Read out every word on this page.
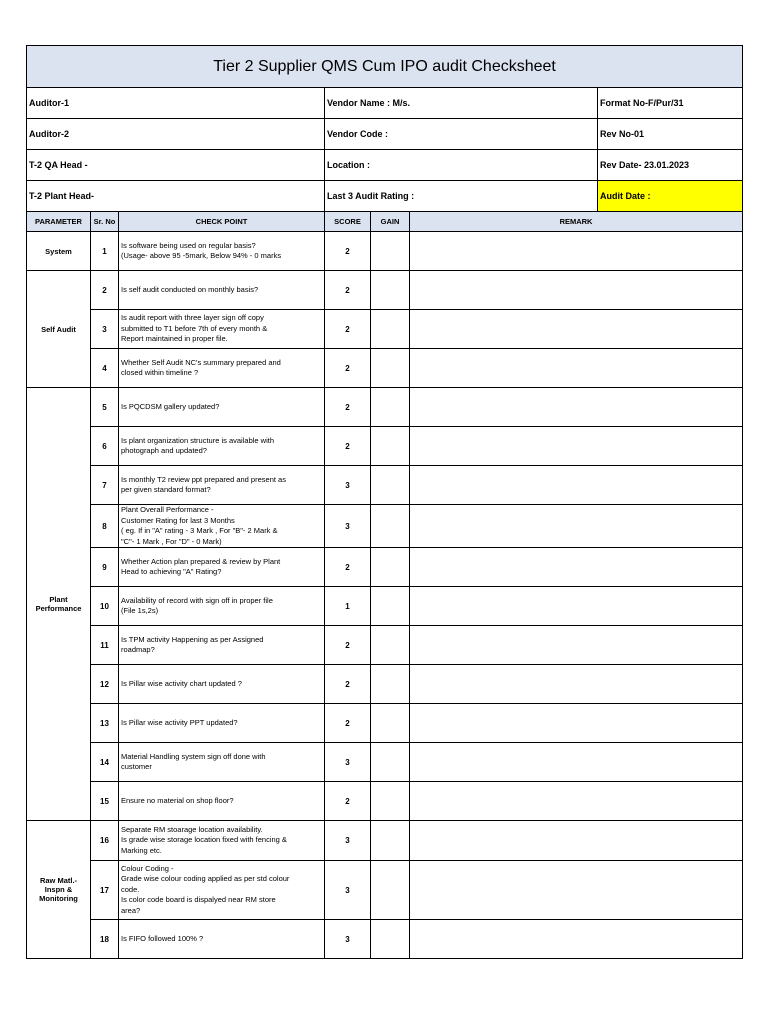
Tier 2 Supplier QMS Cum IPO audit Checksheet						
Auditor-1			Vendor Name : M/s.			Format No-F/Pur/31
Auditor-2			Vendor Code :			Rev No-01
T-2 QA Head -			Location :			Rev Date- 23.01.2023
T-2 Plant Head-			Last 3 Audit Rating :			Audit Date :
PARAMETER	Sr. No	CHECK POINT	SCORE	GAIN	REMARK	
System	1	Is software being used on regular basis?
(Usage- above 95 -5mark, Below 94% - 0 marks	2			
Self Audit	2	Is self audit conducted on monthly basis?	2			
	3	Is audit report with three layer sign off copy
submitted to T1 before 7th of every month &
Report maintained in proper file.	2			
	4	Whether Self Audit NC's summary prepared and
closed within timeline ?	2			
Plant
Performance	5	Is PQCDSM gallery updated?	2			
	6	Is plant organization structure is available with
photograph and updated?	2			
	7	Is monthly T2 review ppt prepared and present as
per given standard format?	3			
	8	Plant Overall Performance -
Customer Rating for last 3 Months
( eg. If in "A" rating - 3 Mark , For "B"- 2 Mark &
"C"- 1 Mark , For "D" - 0 Mark)	3			
	9	Whether Action plan prepared & review by Plant
Head to achieving "A" Rating?	2			
	10	Availability of record with sign off in proper file
(File 1s,2s)	1			
	11	Is TPM activity Happening as per Assigned
roadmap?	2			
	12	Is Pillar wise activity chart updated ?	2			
	13	Is Pillar wise activity PPT updated?	2			
	14	Material Handling system sign off done with
customer	3			
	15	Ensure no material on shop floor?	2			
Raw Matl.-
Inspn &
Monitoring	16	Separate RM stoarage location availability.
Is grade wise storage location fixed with fencing &
Marking etc.	3			
	17	Colour Coding -
Grade wise colour coding applied as per std colour
code.
Is color code board is dispalyed near RM store
area?	3			
	18	Is FIFO followed 100% ?	3			
